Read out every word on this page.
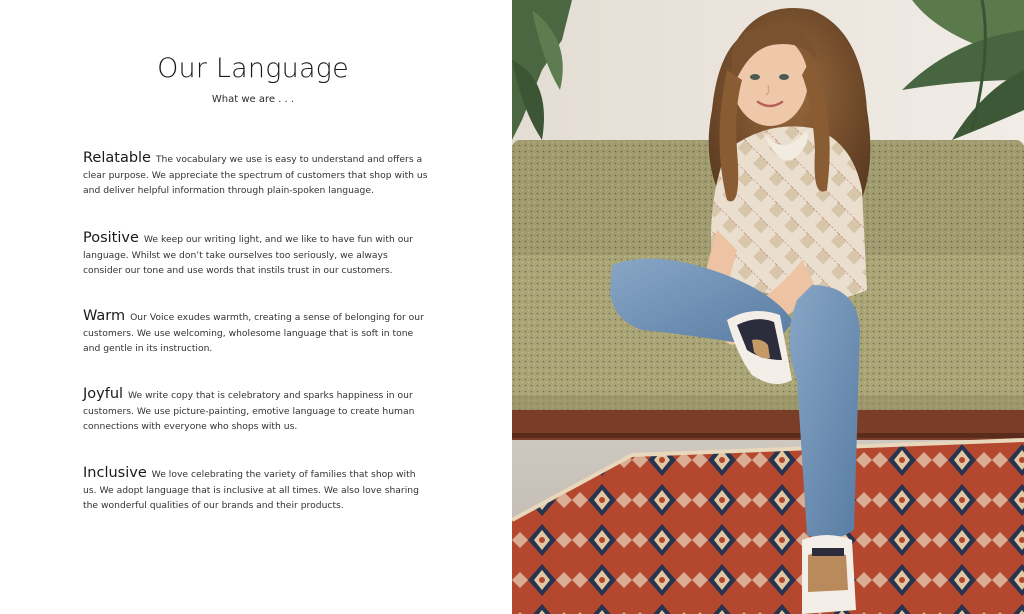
Our Language

What we are . . .

Relatable The vocabulary we use is easy to understand and offers a clear purpose. We appreciate the spectrum of customers that shop with us and deliver helpful information through plain-spoken language.

Positive We keep our writing light, and we like to have fun with our language. Whilst we don’t take ourselves too seriously, we always consider our tone and use words that instils trust in our customers.

Warm Our Voice exudes warmth, creating a sense of belonging for our customers. We use welcoming, wholesome language that is soft in tone and gentle in its instruction.

Joyful We write copy that is celebratory and sparks happiness in our customers. We use picture-painting, emotive language to create human connections with everyone who shops with us.

Inclusive We love celebrating the variety of families that shop with us. We adopt language that is inclusive at all times. We also love sharing the wonderful qualities of our brands and their products.
